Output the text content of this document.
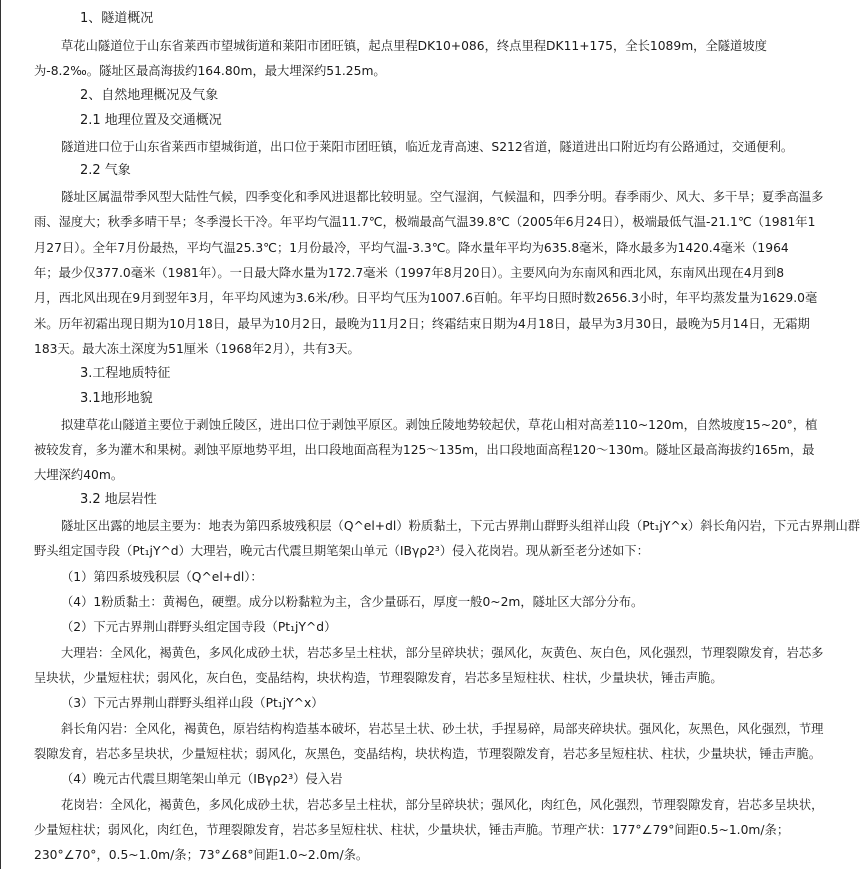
1、隧道概况
草花山隧道位于山东省莱西市望城街道和莱阳市团旺镇，起点里程DK10+086，终点里程DK11+175，全长1089m，全隧道坡度
为-8.2‰。隧址区最高海拔约164.80m，最大埋深约51.25m。
2、自然地理概况及气象
2.1 地理位置及交通概况
隧道进口位于山东省莱西市望城街道，出口位于莱阳市团旺镇，临近龙青高速、S212省道，隧道进出口附近均有公路通过，交通便利。
2.2 气象
隧址区属温带季风型大陆性气候，四季变化和季风进退都比较明显。空气湿润，气候温和，四季分明。春季雨少、风大、多干旱；夏季高温多
雨、湿度大；秋季多晴干旱；冬季漫长干冷。年平均气温11.7℃，极端最高气温39.8℃（2005年6月24日），极端最低气温-21.1℃（1981年1
月27日）。全年7月份最热，平均气温25.3℃；1月份最冷，平均气温-3.3℃。降水量年平均为635.8毫米，降水最多为1420.4毫米（1964
年；最少仅377.0毫米（1981年）。一日最大降水量为172.7毫米（1997年8月20日）。主要风向为东南风和西北风，东南风出现在4月到8
月，西北风出现在9月到翌年3月，年平均风速为3.6米/秒。日平均气压为1007.6百帕。年平均日照时数2656.3小时，年平均蒸发量为1629.0毫
米。历年初霜出现日期为10月18日，最早为10月2日，最晚为11月2日；终霜结束日期为4月18日，最早为3月30日，最晚为5月14日，无霜期
183天。最大冻土深度为51厘米（1968年2月），共有3天。
3.工程地质特征
3.1地形地貌
拟建草花山隧道主要位于剥蚀丘陵区，进出口位于剥蚀平原区。剥蚀丘陵地势较起伏，草花山相对高差110~120m，自然坡度15~20°，植
被较发育，多为灌木和果树。剥蚀平原地势平坦，出口段地面高程为125～135m，出口段地面高程120～130m。隧址区最高海拔约165m，最
大埋深约40m。
3.2 地层岩性
隧址区出露的地层主要为：地表为第四系坡残积层（Q^el+dl）粉质黏土，下元古界荆山群野头组祥山段（Pt₁jY^x）斜长角闪岩，下元古界荆山群
野头组定国寺段（Pt₁jY^d）大理岩，晚元古代震旦期笔架山单元（IBγρ2³）侵入花岗岩。现从新至老分述如下：
（1）第四系坡残积层（Q^el+dl）：
（4）1粉质黏土：黄褐色，硬塑。成分以粉黏粒为主，含少量砾石，厚度一般0~2m，隧址区大部分分布。
（2）下元古界荆山群野头组定国寺段（Pt₁jY^d）
大理岩：全风化，褐黄色，多风化成砂土状，岩芯多呈土柱状，部分呈碎块状；强风化，灰黄色、灰白色，风化强烈，节理裂隙发育，岩芯多
呈块状，少量短柱状；弱风化，灰白色，变晶结构，块状构造，节理裂隙发育，岩芯多呈短柱状、柱状，少量块状，锤击声脆。
（3）下元古界荆山群野头组祥山段（Pt₁jY^x）
斜长角闪岩：全风化，褐黄色，原岩结构构造基本破坏，岩芯呈土状、砂土状，手捏易碎，局部夹碎块状。强风化，灰黑色，风化强烈，节理
裂隙发育，岩芯多呈块状，少量短柱状；弱风化，灰黑色，变晶结构，块状构造，节理裂隙发育，岩芯多呈短柱状、柱状，少量块状，锤击声脆。
（4）晚元古代震旦期笔架山单元（IBγρ2³）侵入岩
花岗岩：全风化，褐黄色，多风化成砂土状，岩芯多呈土柱状，部分呈碎块状；强风化，肉红色，风化强烈，节理裂隙发育，岩芯多呈块状，
少量短柱状；弱风化，肉红色，节理裂隙发育，岩芯多呈短柱状、柱状，少量块状，锤击声脆。节理产状：177°∠79°间距0.5~1.0m/条；
230°∠70°，0.5~1.0m/条；73°∠68°间距1.0~2.0m/条。
